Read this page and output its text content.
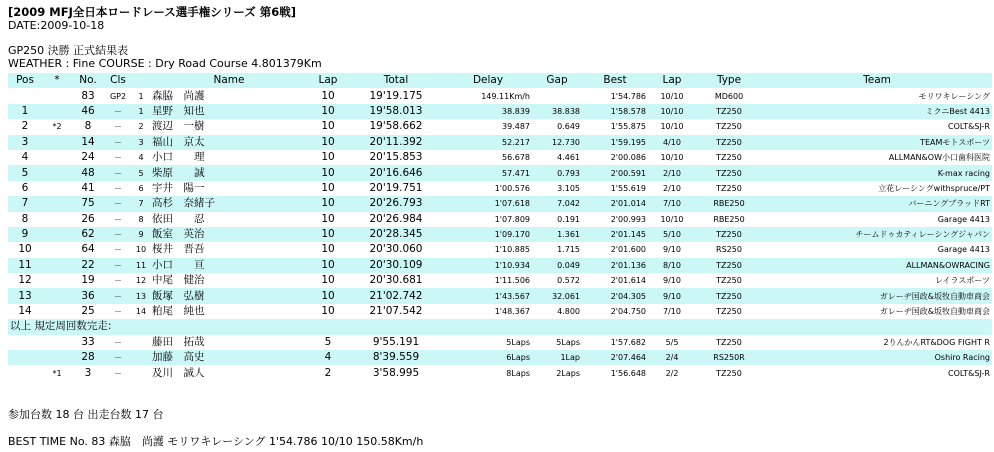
[2009 MFJ全日本ロードレース選手権シリーズ 第6戦]
DATE:2009-10-18
GP250 決勝 正式結果表
WEATHER : Fine COURSE : Dry Road Course 4.801379Km
Pos	*	No.	Cls		Name	Lap	Total	Delay	Gap	Best	Lap	Type	Team
		83	GP2	1	森脇　尚護	10	19'19.175	149.11Km/h		1'54.786	10/10	MD600	モリワキレーシング
1		46	－	1	星野　知也	10	19'58.013	38.839	38.838	1'58.578	10/10	TZ250	ミクニBest 4413
2	*2	8	－	2	渡辺　一樹	10	19'58.662	39.487	0.649	1'55.875	10/10	TZ250	COLT&SJ-R
3		14	－	3	福山　京太	10	20'11.392	52.217	12.730	1'59.195	4/10	TZ250	TEAMモトスポーツ
4		24	－	4	小口　　理	10	20'15.853	56.678	4.461	2'00.086	10/10	TZ250	ALLMAN&OW小口歯科医院
5		48	－	5	柴原　　誠	10	20'16.646	57.471	0.793	2'00.591	2/10	TZ250	K-max racing
6		41	－	6	宇井　陽一	10	20'19.751	1'00.576	3.105	1'55.619	2/10	TZ250	立花レーシングwithspruce/PT
7		75	－	7	高杉　奈緒子	10	20'26.793	1'07.618	7.042	2'01.014	7/10	RBE250	バーニングブラッドRT
8		26	－	8	依田　　忍	10	20'26.984	1'07.809	0.191	2'00.993	10/10	RBE250	Garage 4413
9		62	－	9	飯室　英治	10	20'28.345	1'09.170	1.361	2'01.145	5/10	TZ250	チームドゥカティレーシングジャパン
10		64	－	10	桜井　晋吾	10	20'30.060	1'10.885	1.715	2'01.600	9/10	RS250	Garage 4413
11		22	－	11	小口　　亘	10	20'30.109	1'10.934	0.049	2'01.136	8/10	TZ250	ALLMAN&OWRACING
12		19	－	12	中尾　健治	10	20'30.681	1'11.506	0.572	2'01.614	9/10	TZ250	レイラスポーツ
13		36	－	13	飯塚　弘樹	10	21'02.742	1'43.567	32.061	2'04.305	9/10	TZ250	ガレーヂ国政&坂牧自動車商会
14		25	－	14	粕尾　純也	10	21'07.542	1'48.367	4.800	2'04.750	7/10	TZ250	ガレーヂ国政&坂牧自動車商会
以上 規定周回数完走:													
		33	－		藤田　拓哉	5	9'55.191	5Laps	5Laps	1'57.682	5/5	TZ250	2りんかんRT&DOG FIGHT R
		28	－		加藤　高史	4	8'39.559	6Laps	1Lap	2'07.464	2/4	RS250R	Oshiro Racing
	*1	3	－		及川　誠人	2	3'58.995	8Laps	2Laps	1'56.648	2/2	TZ250	COLT&SJ-R
参加台数 18 台 出走台数 17 台
BEST TIME No. 83 森脇　尚護 モリワキレーシング 1'54.786 10/10 150.58Km/h
